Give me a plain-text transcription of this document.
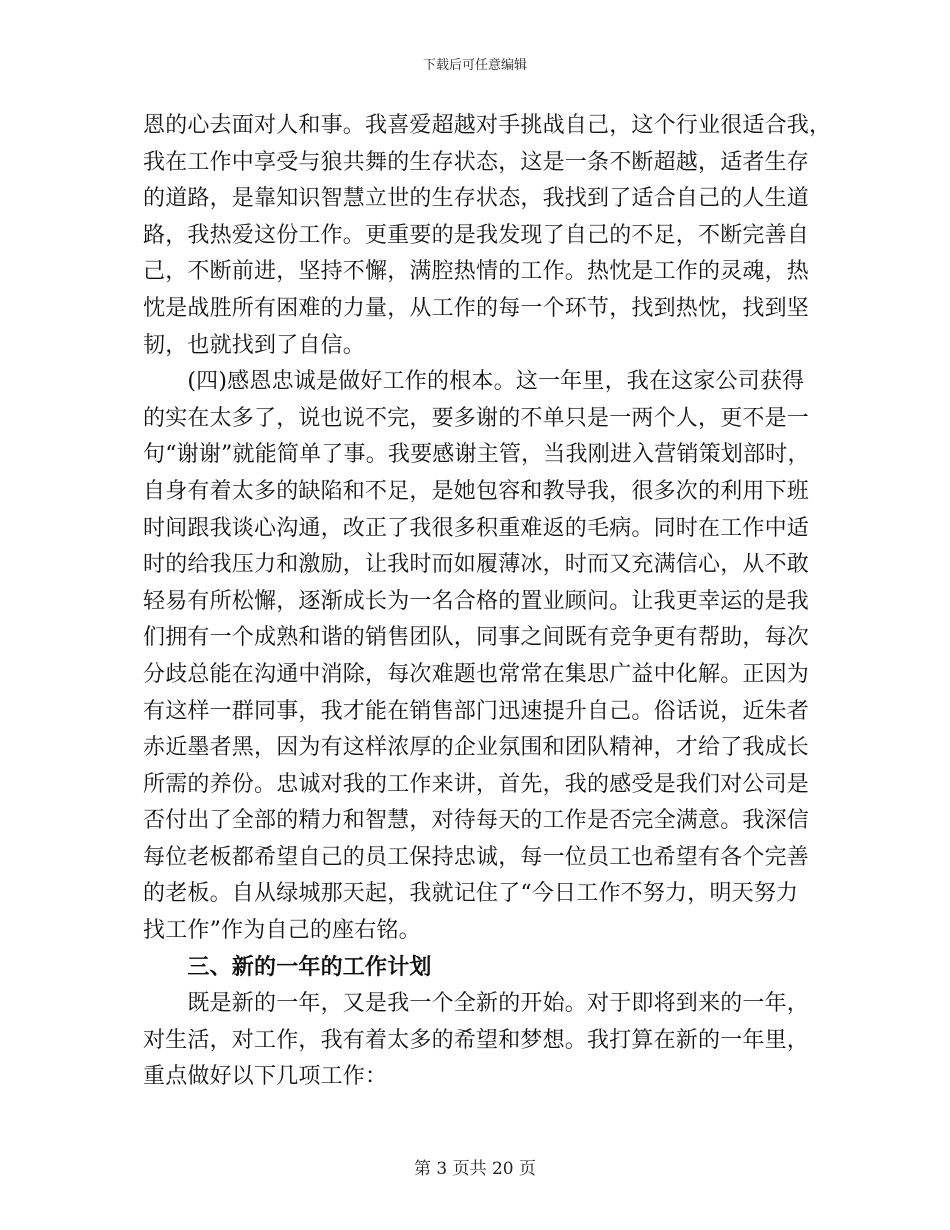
下载后可任意编辑
恩的心去面对人和事。我喜爱超越对手挑战自己，这个行业很适合我，
我在工作中享受与狼共舞的生存状态，这是一条不断超越，适者生存
的道路，是靠知识智慧立世的生存状态，我找到了适合自己的人生道
路，我热爱这份工作。更重要的是我发现了自己的不足，不断完善自
己，不断前进，坚持不懈，满腔热情的工作。热忱是工作的灵魂，热
忱是战胜所有困难的力量，从工作的每一个环节，找到热忱，找到坚
韧，也就找到了自信。
　　(四)感恩忠诚是做好工作的根本。这一年里，我在这家公司获得
的实在太多了，说也说不完，要多谢的不单只是一两个人，更不是一
句“谢谢”就能简单了事。我要感谢主管，当我刚进入营销策划部时，
自身有着太多的缺陷和不足，是她包容和教导我，很多次的利用下班
时间跟我谈心沟通，改正了我很多积重难返的毛病。同时在工作中适
时的给我压力和激励，让我时而如履薄冰，时而又充满信心，从不敢
轻易有所松懈，逐渐成长为一名合格的置业顾问。让我更幸运的是我
们拥有一个成熟和谐的销售团队，同事之间既有竞争更有帮助，每次
分歧总能在沟通中消除，每次难题也常常在集思广益中化解。正因为
有这样一群同事，我才能在销售部门迅速提升自己。俗话说，近朱者
赤近墨者黑，因为有这样浓厚的企业氛围和团队精神，才给了我成长
所需的养份。忠诚对我的工作来讲，首先，我的感受是我们对公司是
否付出了全部的精力和智慧，对待每天的工作是否完全满意。我深信
每位老板都希望自己的员工保持忠诚，每一位员工也希望有各个完善
的老板。自从绿城那天起，我就记住了“今日工作不努力，明天努力
找工作”作为自己的座右铭。
　　三、新的一年的工作计划
　　既是新的一年，又是我一个全新的开始。对于即将到来的一年，
对生活，对工作，我有着太多的希望和梦想。我打算在新的一年里，
重点做好以下几项工作：
第 3 页共 20 页
